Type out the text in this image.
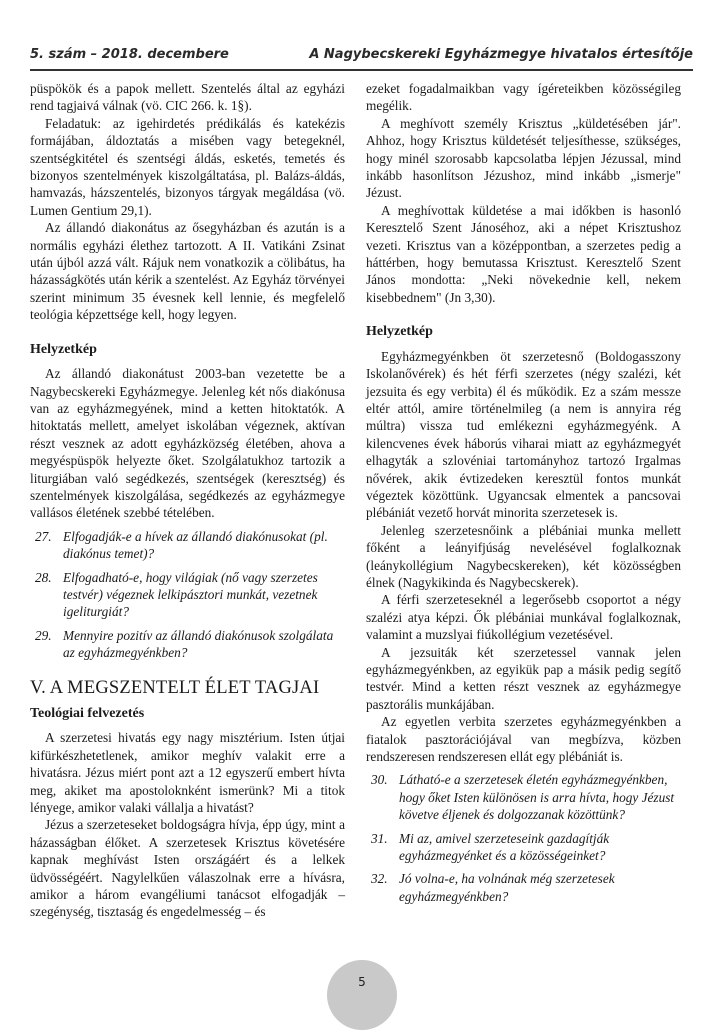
5. szám – 2018. decembere	A Nagybecskereki Egyházmegye hivatalos értesítője

püspökök és a papok mellett. Szentelés által az egyházi rend tagjaivá válnak (vö. CIC 266. k. 1§).

Feladatuk: az igehirdetés prédikálás és katekézis formájában, áldoztatás a misében vagy betegeknél, szentségkitétel és szentségi áldás, esketés, temetés és bizonyos szentelmények kiszolgáltatása, pl. Balázs-áldás, hamvazás, házszentelés, bizonyos tárgyak megáldása (vö. Lumen Gentium 29,1).

Az állandó diakonátus az ősegyházban és azután is a normális egyházi élethez tartozott. A II. Vatikáni Zsinat után újból azzá vált. Rájuk nem vonatkozik a cölibátus, ha házasságkötés után kérik a szentelést. Az Egyház törvényei szerint minimum 35 évesnek kell lennie, és megfelelő teológia képzettsége kell, hogy legyen.

Helyzetkép

Az állandó diakonátust 2003-ban vezetette be a Nagybecskereki Egyházmegye. Jelenleg két nős diakónusa van az egyházmegyének, mind a ketten hitoktatók. A hitoktatás mellett, amelyet iskolában végeznek, aktívan részt vesznek az adott egyházközség életében, ahova a megyéspüspök helyezte őket. Szolgálatukhoz tartozik a liturgiában való segédkezés, szentségek (keresztség) és szentelmények kiszolgálása, segédkezés az egyházmegye vallásos életének szebbé tételében.

27. Elfogadják-e a hívek az állandó diakónusokat (pl. diakónus temet)?
28. Elfogadható-e, hogy világiak (nő vagy szerzetes testvér) végeznek lelkipásztori munkát, vezetnek igeliturgiát?
29. Mennyire pozitív az állandó diakónusok szolgálata az egyházmegyénkben?
V. A MEGSZENTELT ÉLET TAGJAI
Teológiai felvezetés

A szerzetesi hivatás egy nagy misztérium. Isten útjai kifürkészhetetlenek, amikor meghív valakit erre a hivatásra. Jézus miért pont azt a 12 egyszerű embert hívta meg, akiket ma apostoloknként ismerünk? Mi a titok lényege, amikor valaki vállalja a hivatást?

Jézus a szerzeteseket boldogságra hívja, épp úgy, mint a házasságban élőket. A szerzetesek Krisztus követésére kapnak meghívást Isten országáért és a lelkek üdvösségéért. Nagylelkűen válaszolnak erre a hívásra, amikor a három evangéliumi tanácsot elfogadják – szegénység, tisztaság és engedelmesség – és

ezeket fogadalmaikban vagy ígéreteikben közösségileg megélik.

A meghívott személy Krisztus „küldetésében jár". Ahhoz, hogy Krisztus küldetését teljesíthesse, szükséges, hogy minél szorosabb kapcsolatba lépjen Jézussal, mind inkább hasonlítson Jézushoz, mind inkább „ismerje" Jézust.

A meghívottak küldetése a mai időkben is hasonló Keresztelő Szent Jánoséhoz, aki a népet Krisztushoz vezeti. Krisztus van a középpontban, a szerzetes pedig a háttérben, hogy bemutassa Krisztust. Keresztelő Szent János mondotta: „Neki növekednie kell, nekem kisebbednem" (Jn 3,30).

Helyzetkép

Egyházmegyénkben öt szerzetesnő (Boldogasszony Iskolanővérek) és hét férfi szerzetes (négy szalézi, két jezsuita és egy verbita) él és működik. Ez a szám messze eltér attól, amire történelmileg (a nem is annyira rég múltra) vissza tud emlékezni egyházmegyénk. A kilencvenes évek háborús viharai miatt az egyházmegyét elhagyták a szlovéniai tartományhoz tartozó Irgalmas nővérek, akik évtizedeken keresztül fontos munkát végeztek közöttünk. Ugyancsak elmentek a pancsovai plébániát vezető horvát minorita szerzetesek is.

Jelenleg szerzetesnőink a plébániai munka mellett főként a leányifjúság nevelésével foglalkoznak (leánykollégium Nagybecskereken), két közösségben élnek (Nagykikinda és Nagybecskerek).

A férfi szerzeteseknél a legerősebb csoportot a négy szalézi atya képzi. Ők plébániai munkával foglalkoznak, valamint a muzslyai fiúkollégium vezetésével.

A jezsuiták két szerzetessel vannak jelen egyházmegyénkben, az egyikük pap a másik pedig segítő testvér. Mind a ketten részt vesznek az egyházmegye pasztorális munkájában.

Az egyetlen verbita szerzetes egyházmegyénkben a fiatalok pasztorációjával van megbízva, közben rendszeresen rendszeresen ellát egy plébániát is.

30. Látható-e a szerzetesek életén egyházmegyénkben, hogy őket Isten különösen is arra hívta, hogy Jézust követve éljenek és dolgozzanak közöttünk?
31. Mi az, amivel szerzeteseink gazdagítják egyházmegyénket és a közösségeinket?
32. Jó volna-e, ha volnának még szerzetesek egyházmegyénkben?
5
